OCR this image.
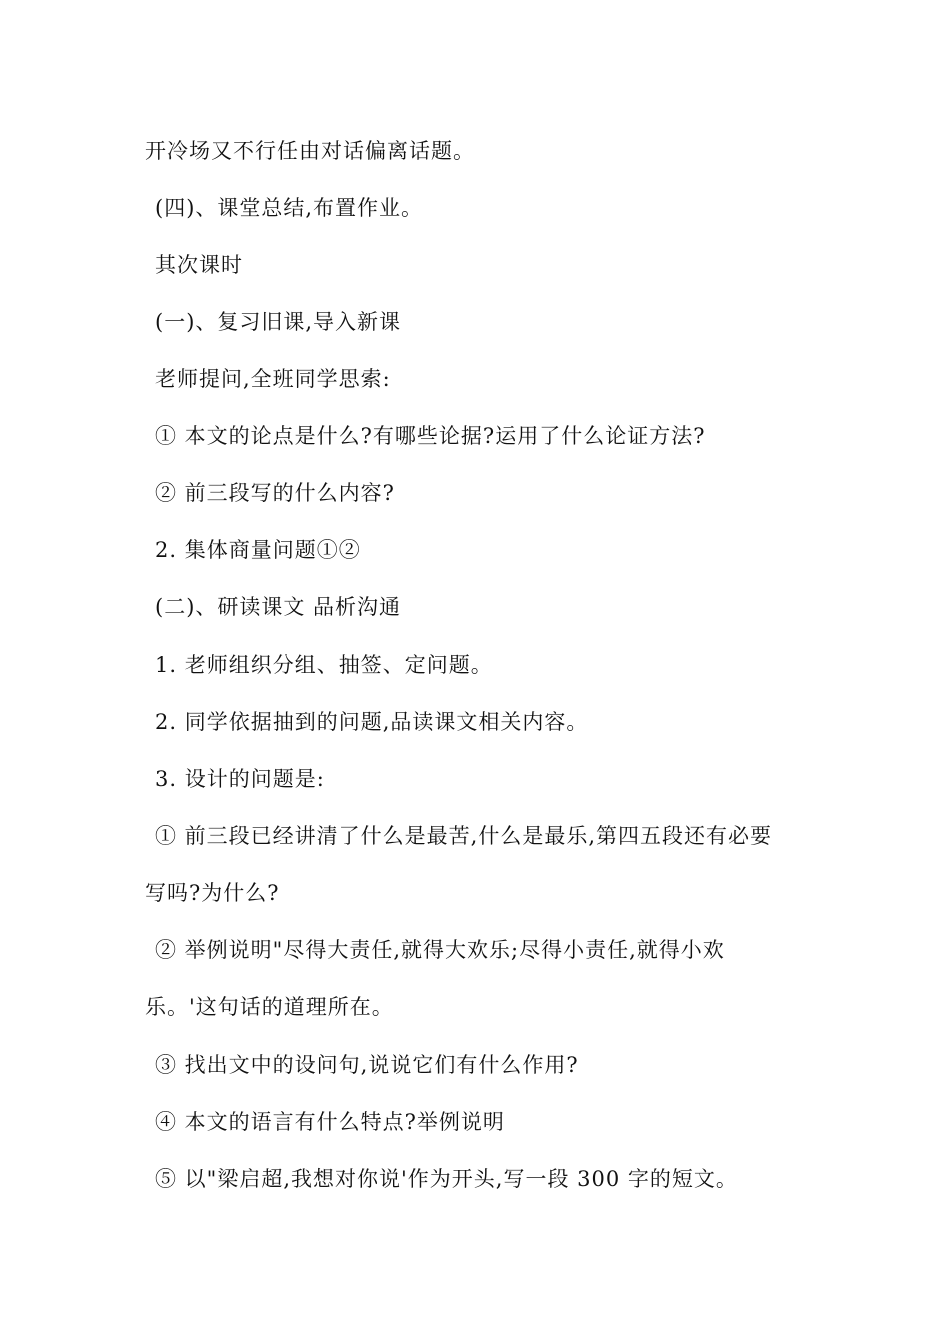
开冷场又不行任由对话偏离话题。
(四)、课堂总结,布置作业。
其次课时
(一)、复习旧课,导入新课
老师提问,全班同学思索:
① 本文的论点是什么?有哪些论据?运用了什么论证方法?
② 前三段写的什么内容?
2. 集体商量问题①②
(二)、研读课文 品析沟通
1. 老师组织分组、抽签、定问题。
2. 同学依据抽到的问题,品读课文相关内容。
3. 设计的问题是:
① 前三段已经讲清了什么是最苦,什么是最乐,第四五段还有必要
写吗?为什么?
② 举例说明"尽得大责任,就得大欢乐;尽得小责任,就得小欢
乐。'这句话的道理所在。
③ 找出文中的设问句,说说它们有什么作用?
④ 本文的语言有什么特点?举例说明
⑤ 以"梁启超,我想对你说'作为开头,写一段 300 字的短文。
